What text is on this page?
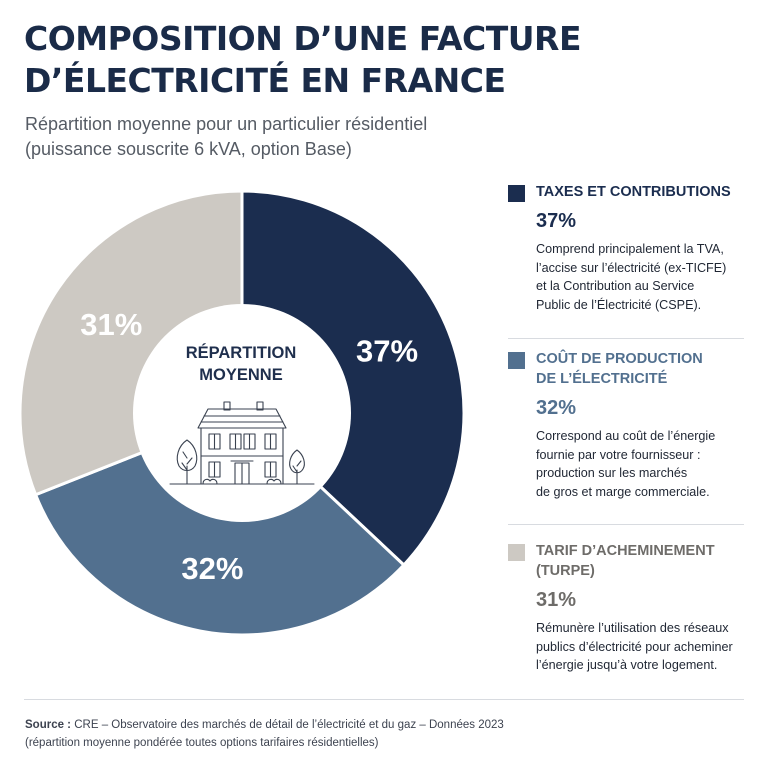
COMPOSITION D’UNE FACTURE D’ÉLECTRICITÉ EN FRANCE
Répartition moyenne pour un particulier résidentiel
(puissance souscrite 6 kVA, option Base)
37%
32%
31%
RÉPARTITION
MOYENNE
TAXES ET CONTRIBUTIONS
37%
Comprend principalement la TVA,
l’accise sur l’électricité (ex-TICFE)
et la Contribution au Service
Public de l’Électricité (CSPE).
COÛT DE PRODUCTION
DE L’ÉLECTRICITÉ
32%
Correspond au coût de l’énergie
fournie par votre fournisseur :
production sur les marchés
de gros et marge commerciale.
TARIF D’ACHEMINEMENT
(TURPE)
31%
Rémunère l’utilisation des réseaux
publics d’électricité pour acheminer
l’énergie jusqu’à votre logement.
Source : CRE – Observatoire des marchés de détail de l’électricité et du gaz – Données 2023
(répartition moyenne pondérée toutes options tarifaires résidentielles)
